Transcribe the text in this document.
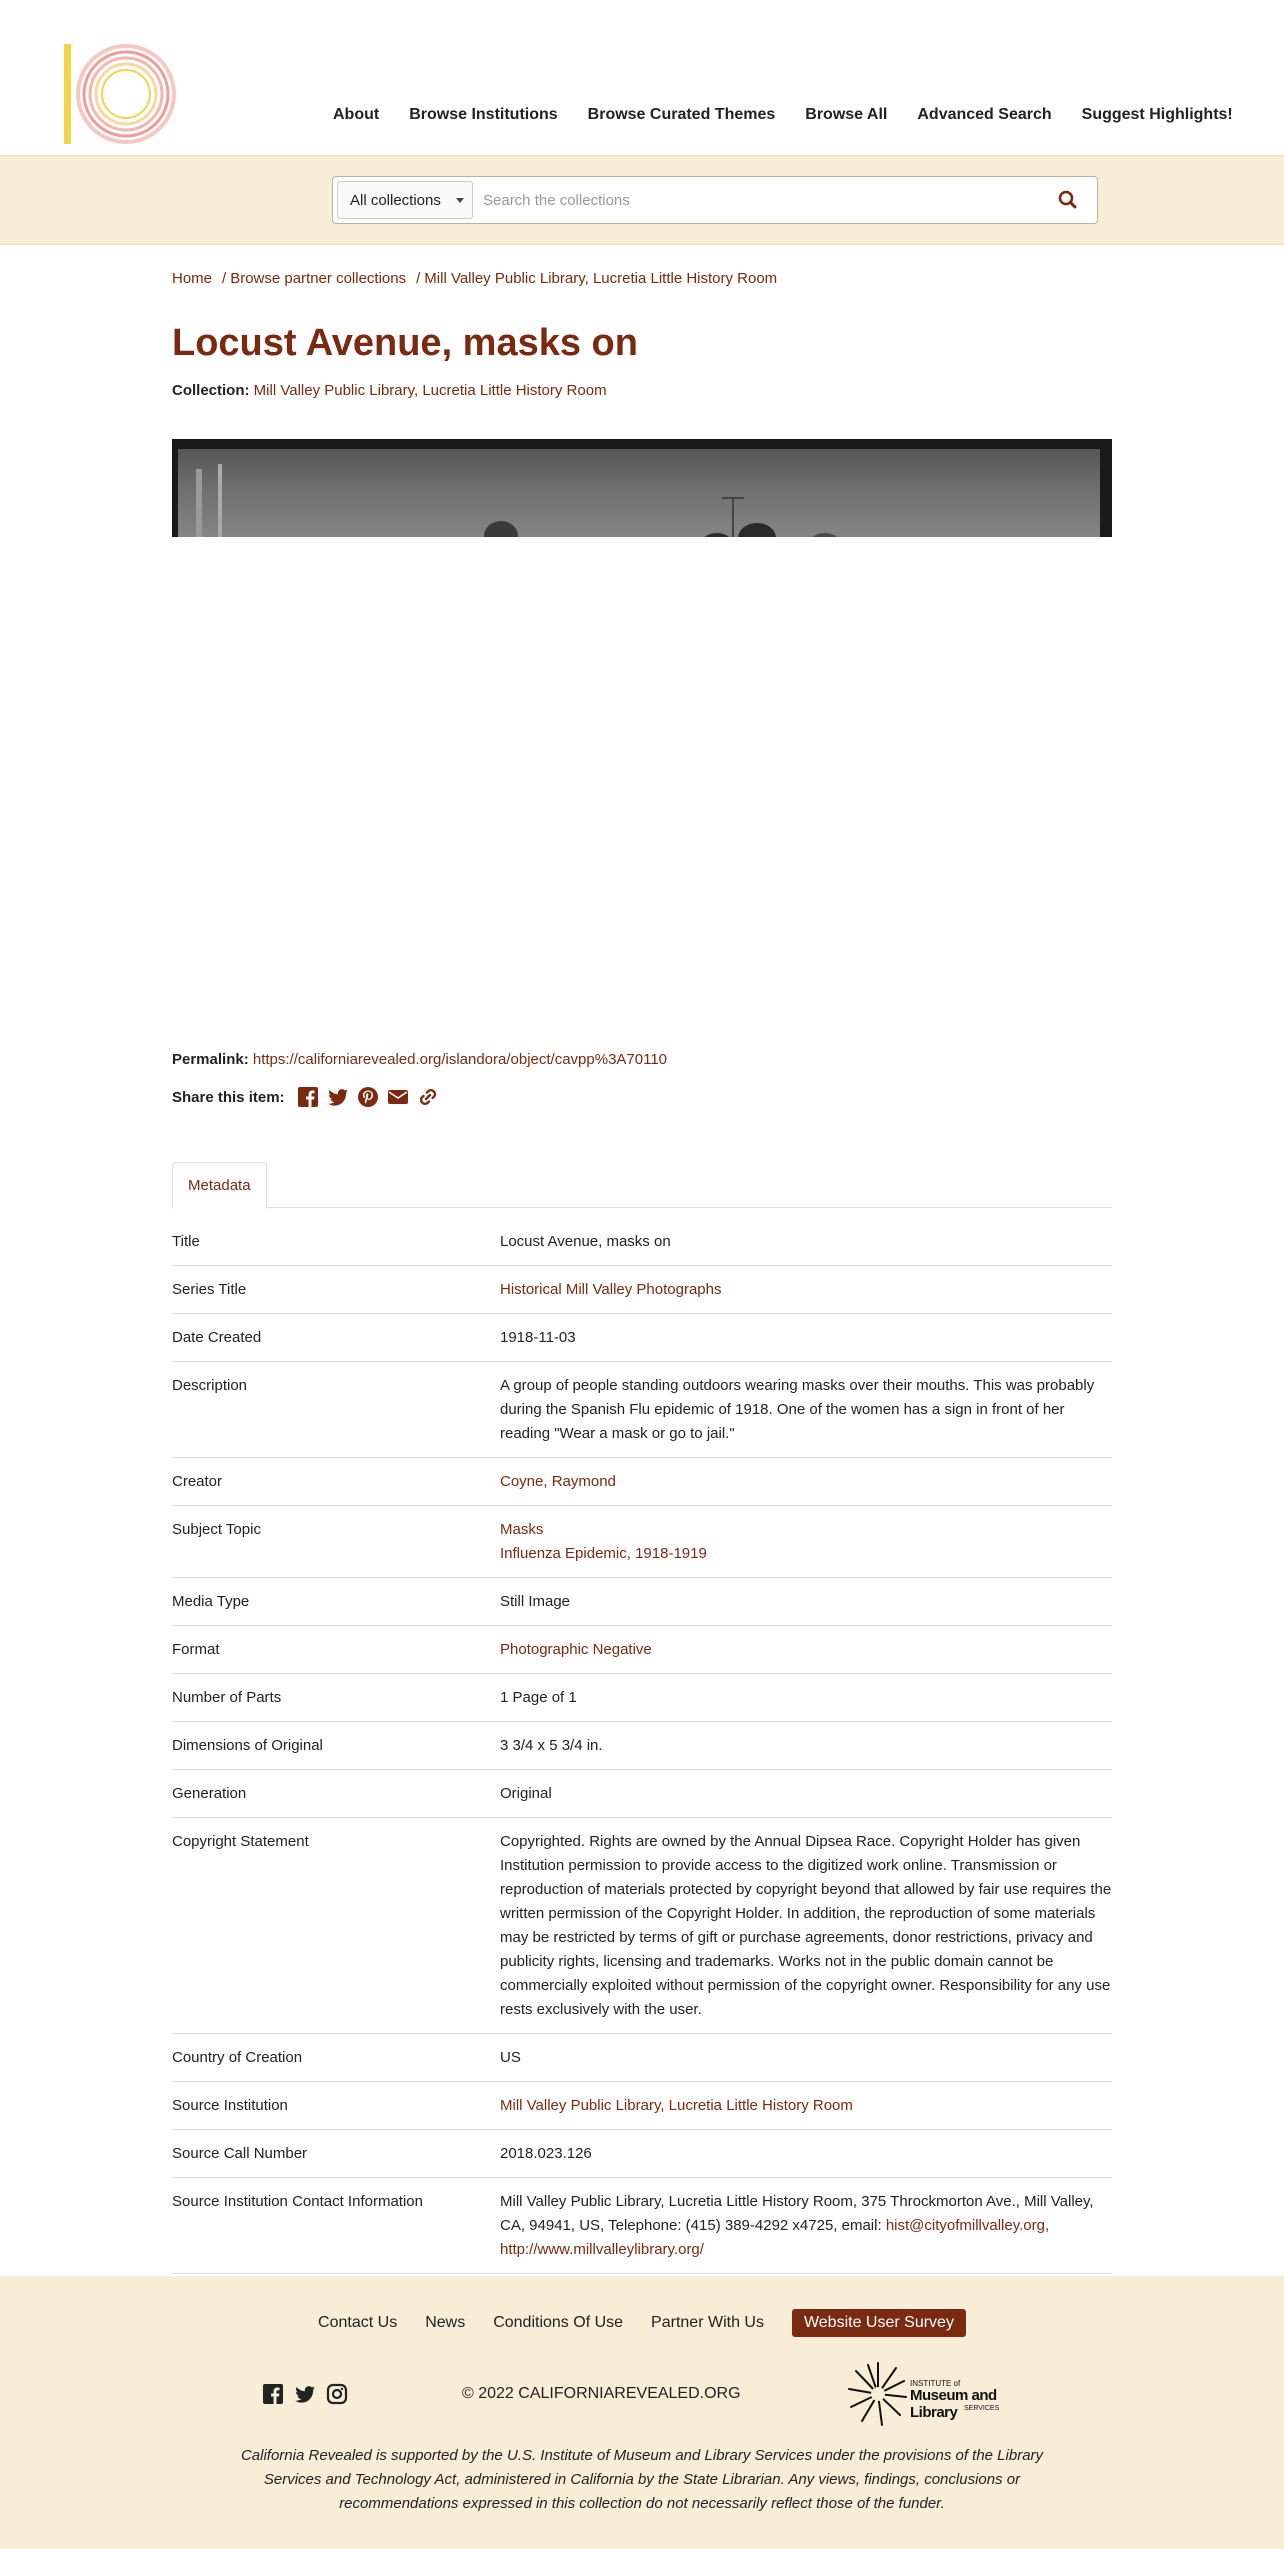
About Browse Institutions Browse Curated Themes Browse All Advanced Search Suggest Highlights!
All collections
Search the collections
Home / Browse partner collections / Mill Valley Public Library, Lucretia Little History Room
Locust Avenue, masks on
Collection: Mill Valley Public Library, Lucretia Little History Room
Permalink: https://californiarevealed.org/islandora/object/cavpp%3A70110
Share this item:
Metadata
Title	Locust Avenue, masks on
Series Title	Historical Mill Valley Photographs
Date Created	1918-11-03
Description	A group of people standing outdoors wearing masks over their mouths. This was probably during the Spanish Flu epidemic of 1918. One of the women has a sign in front of her reading "Wear a mask or go to jail."
Creator	Coyne, Raymond
Subject Topic	Masks
Influenza Epidemic, 1918-1919
Media Type	Still Image
Format	Photographic Negative
Number of Parts	1 Page of 1
Dimensions of Original	3 3/4 x 5 3/4 in.
Generation	Original
Copyright Statement	Copyrighted. Rights are owned by the Annual Dipsea Race. Copyright Holder has given Institution permission to provide access to the digitized work online. Transmission or reproduction of materials protected by copyright beyond that allowed by fair use requires the written permission of the Copyright Holder. In addition, the reproduction of some materials may be restricted by terms of gift or purchase agreements, donor restrictions, privacy and publicity rights, licensing and trademarks. Works not in the public domain cannot be commercially exploited without permission of the copyright owner. Responsibility for any use rests exclusively with the user.
Country of Creation	US
Source Institution	Mill Valley Public Library, Lucretia Little History Room
Source Call Number	2018.023.126
Source Institution Contact Information	Mill Valley Public Library, Lucretia Little History Room, 375 Throckmorton Ave., Mill Valley, CA, 94941, US, Telephone: (415) 389-4292 x4725, email: hist@cityofmillvalley.org,
http://www.millvalleylibrary.org/
Contact Us News Conditions Of Use Partner With Us	Website User Survey
© 2022 CALIFORNIAREVEALED.ORG
INSTITUTE of
Museum and Library SERVICES
California Revealed is supported by the U.S. Institute of Museum and Library Services under the provisions of the Library Services and Technology Act, administered in California by the State Librarian. Any views, findings, conclusions or recommendations expressed in this collection do not necessarily reflect those of the funder.
